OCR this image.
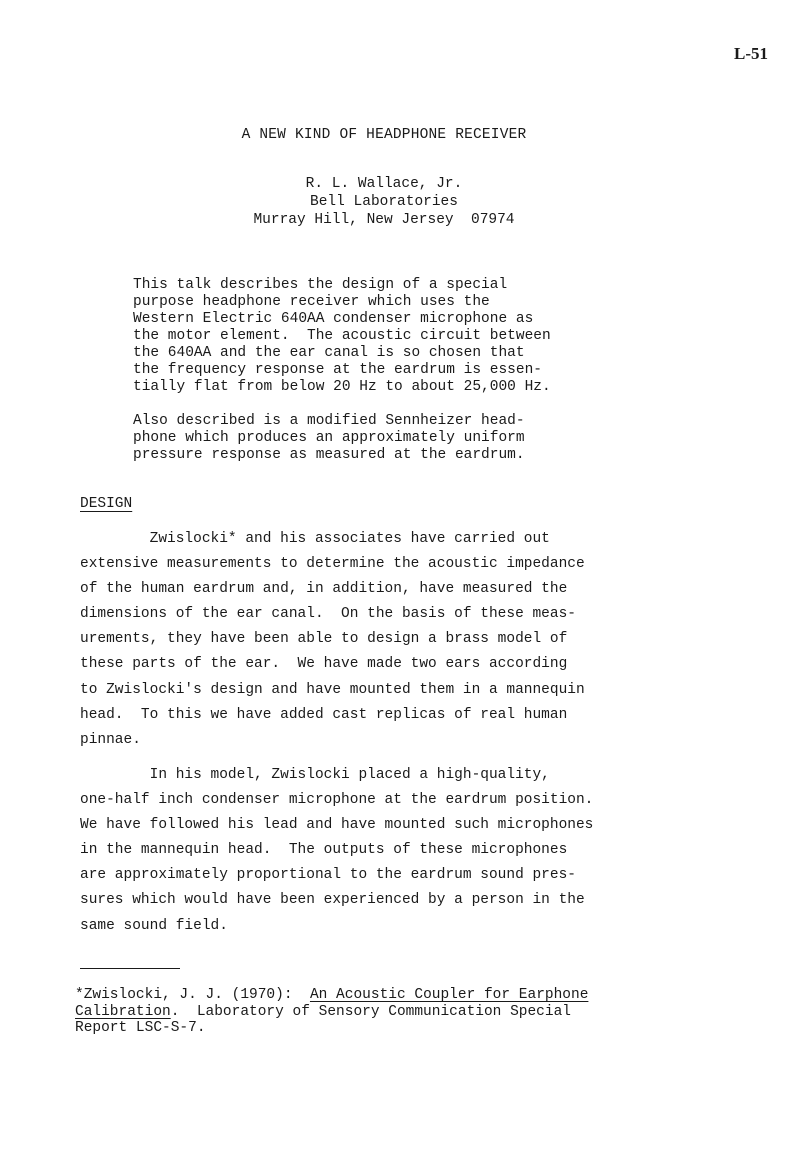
L-51
A NEW KIND OF HEADPHONE RECEIVER
R. L. Wallace, Jr.
Bell Laboratories
Murray Hill, New Jersey  07974
This talk describes the design of a special
purpose headphone receiver which uses the
Western Electric 640AA condenser microphone as
the motor element.  The acoustic circuit between
the 640AA and the ear canal is so chosen that
the frequency response at the eardrum is essen-
tially flat from below 20 Hz to about 25,000 Hz.
Also described is a modified Sennheizer head-
phone which produces an approximately uniform
pressure response as measured at the eardrum.
DESIGN
Zwislocki* and his associates have carried out
extensive measurements to determine the acoustic impedance
of the human eardrum and, in addition, have measured the
dimensions of the ear canal.  On the basis of these meas-
urements, they have been able to design a brass model of
these parts of the ear.  We have made two ears according
to Zwislocki's design and have mounted them in a mannequin
head.  To this we have added cast replicas of real human
pinnae.
In his model, Zwislocki placed a high-quality,
one-half inch condenser microphone at the eardrum position.
We have followed his lead and have mounted such microphones
in the mannequin head.  The outputs of these microphones
are approximately proportional to the eardrum sound pres-
sures which would have been experienced by a person in the
same sound field.
*Zwislocki, J. J. (1970):  An Acoustic Coupler for Earphone
Calibration.  Laboratory of Sensory Communication Special
Report LSC-S-7.
